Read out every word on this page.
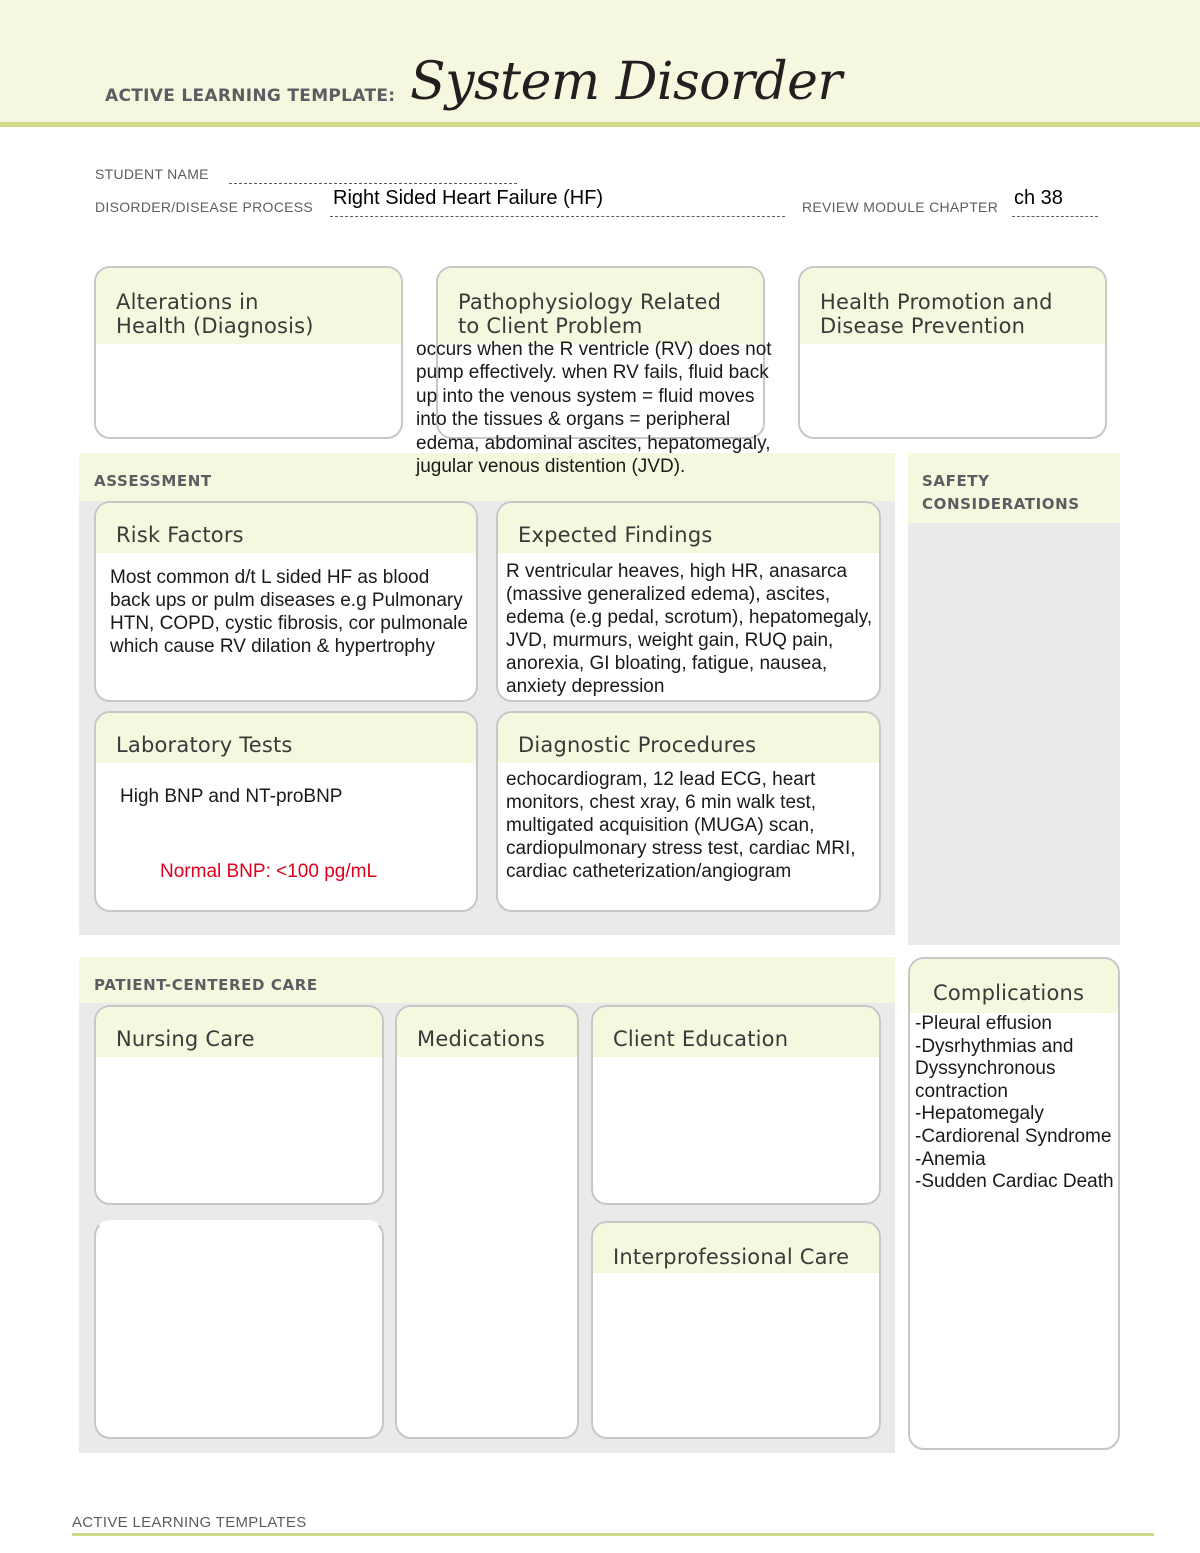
ACTIVE LEARNING TEMPLATE: System Disorder
STUDENT NAME
DISORDER/DISEASE PROCESS Right Sided Heart Failure (HF)	REVIEW MODULE CHAPTER ch 38
Alterations in
Health (Diagnosis)
Pathophysiology Related
to Client Problem
Health Promotion and
Disease Prevention
ASSESSMENT	SAFETY
CONSIDERATIONS
Risk Factors
Most common d/t L sided HF as blood back ups or pulm diseases e.g Pulmonary HTN, COPD, cystic fibrosis, cor pulmonale which cause RV dilation & hypertrophy
Expected Findings
R ventricular heaves, high HR, anasarca (massive generalized edema), ascites, edema (e.g pedal, scrotum), hepatomegaly, JVD, murmurs, weight gain, RUQ pain, anorexia, GI bloating, fatigue, nausea, anxiety depression
Laboratory Tests
High BNP and NT-proBNP
Normal BNP: <100 pg/mL
Diagnostic Procedures
echocardiogram, 12 lead ECG, heart monitors, chest xray, 6 min walk test, multigated acquisition (MUGA) scan, cardiopulmonary stress test, cardiac MRI, cardiac catheterization/angiogram
occurs when the R ventricle (RV) does not pump effectively. when RV fails, fluid back up into the venous system = fluid moves into the tissues & organs = peripheral edema, abdominal ascites, hepatomegaly, jugular venous distention (JVD).
PATIENT-CENTERED CARE
Nursing Care	Medications	Client Education
Interprofessional Care
Complications
-Pleural effusion
-Dysrhythmias and Dyssynchronous contraction
-Hepatomegaly
-Cardiorenal Syndrome
-Anemia
-Sudden Cardiac Death
ACTIVE LEARNING TEMPLATES
